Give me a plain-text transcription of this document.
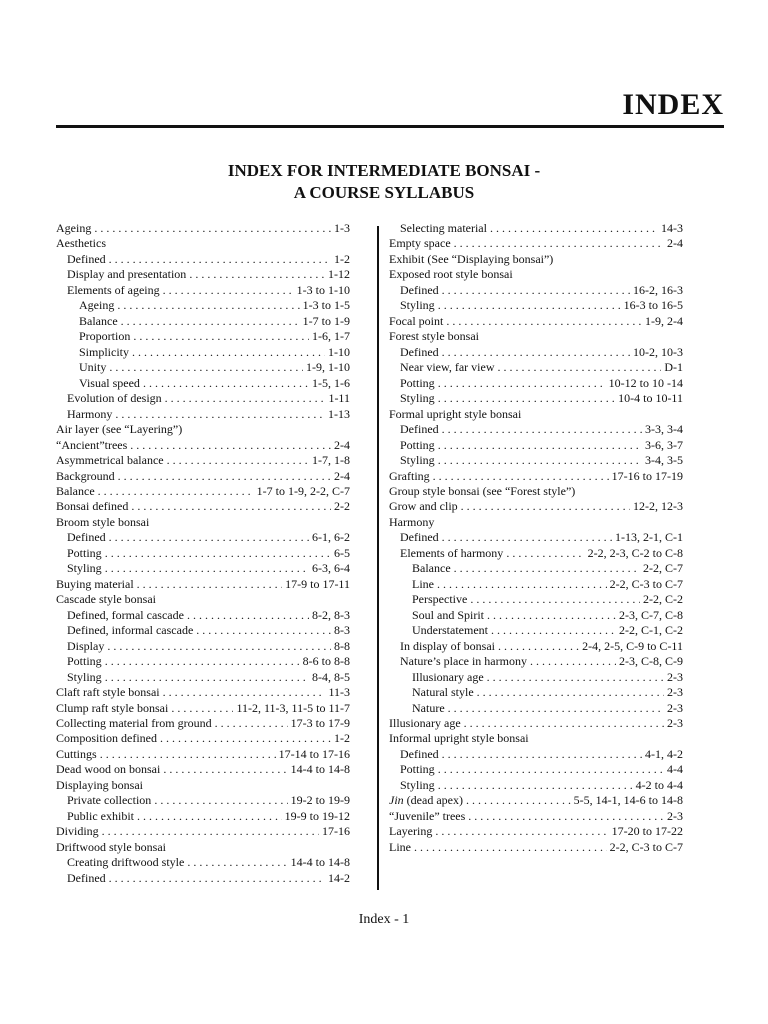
INDEX
INDEX FOR INTERMEDIATE BONSAI -
A COURSE SYLLABUS
Ageing . . .	1-3
Aesthetics
Defined . . .	1-2
Display and presentation . . .	1-12
Elements of ageing . . .	1-3 to 1-10
Ageing . . .	1-3 to 1-5
Balance . . .	1-7 to 1-9
Proportion . . .	1-6, 1-7
Simplicity . . .	1-10
Unity . . .	1-9, 1-10
Visual speed . . .	1-5, 1-6
Evolution of design . . .	1-11
Harmony . . .	1-13
Air layer (see “Layering”)
“Ancient”trees . . .	2-4
Asymmetrical balance . . .	1-7, 1-8
Background . . .	2-4
Balance . . .	1-7 to 1-9, 2-2, C-7
Bonsai defined . . .	2-2
Broom style bonsai
Defined . . .	6-1, 6-2
Potting . . .	6-5
Styling . . .	6-3, 6-4
Buying material . . .	17-9 to 17-11
Cascade style bonsai
Defined, formal cascade . . .	8-2, 8-3
Defined, informal cascade . . .	8-3
Display . . .	8-8
Potting . . .	8-6 to 8-8
Styling . . .	8-4, 8-5
Claft raft style bonsai . . .	11-3
Clump raft style bonsai . . .	11-2, 11-3, 11-5 to 11-7
Collecting material from ground . . .	17-3 to 17-9
Composition defined . . .	1-2
Cuttings . . .	17-14 to 17-16
Dead wood on bonsai . . .	14-4 to 14-8
Displaying bonsai
Private collection . . .	19-2 to 19-9
Public exhibit . . .	19-9 to 19-12
Dividing . . .	17-16
Driftwood style bonsai
Creating driftwood style . . .	14-4 to 14-8
Defined . . .	14-2
Selecting material . . .	14-3
Empty space . . .	2-4
Exhibit (See “Displaying bonsai”)
Exposed root style bonsai
Defined . . .	16-2, 16-3
Styling . . .	16-3 to 16-5
Focal point . . .	1-9, 2-4
Forest style bonsai
Defined . . .	10-2, 10-3
Near view, far view . . .	D-1
Potting . . .	10-12 to 10 -14
Styling . . .	10-4 to 10-11
Formal upright style bonsai
Defined . . .	3-3, 3-4
Potting . . .	3-6, 3-7
Styling . . .	3-4, 3-5
Grafting . . .	17-16 to 17-19
Group style bonsai (see “Forest style”)
Grow and clip . . .	12-2, 12-3
Harmony
Defined . . .	1-13, 2-1, C-1
Elements of harmony . . .	2-2, 2-3, C-2 to C-8
Balance . . .	2-2, C-7
Line . . .	2-2, C-3 to C-7
Perspective . . .	2-2, C-2
Soul and Spirit . . .	2-3, C-7, C-8
Understatement . . .	2-2, C-1, C-2
In display of bonsai . . .	2-4, 2-5, C-9 to C-11
Nature’s place in harmony . . .	2-3, C-8, C-9
Illusionary age . . .	2-3
Natural style . . .	2-3
Nature . . .	2-3
Illusionary age . . .	2-3
Informal upright style bonsai
Defined . . .	4-1, 4-2
Potting . . .	4-4
Styling . . .	4-2 to 4-4
Jin (dead apex) . . .	5-5, 14-1, 14-6 to 14-8
“Juvenile” trees . . .	2-3
Layering . . .	17-20 to 17-22
Line . . .	2-2, C-3 to C-7
Index - 1
